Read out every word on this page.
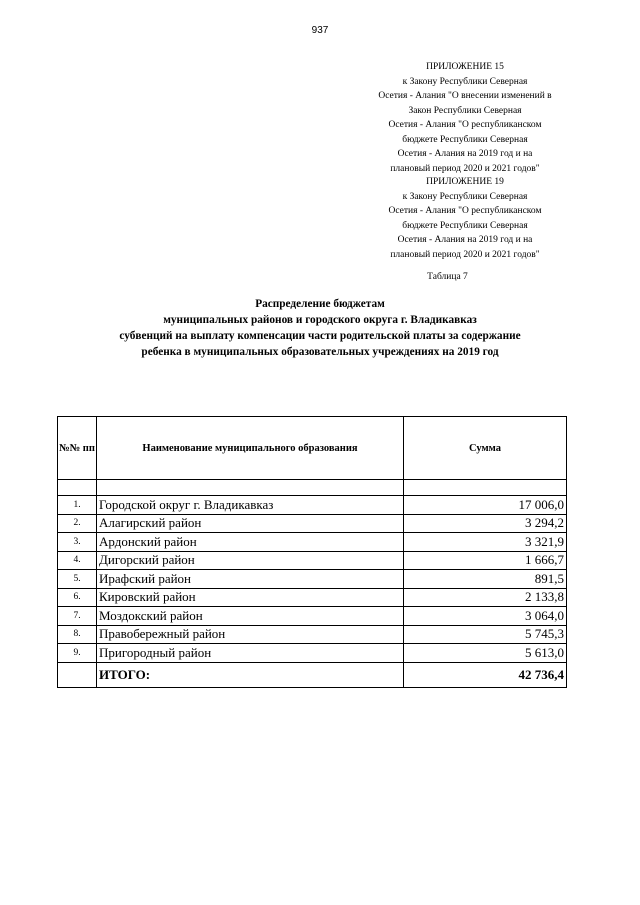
937

ПРИЛОЖЕНИЕ 15

к Закону Республики Северная

Осетия - Алания "О внесении изменений в

Закон Республики Северная

Осетия - Алания "О республиканском

бюджете Республики Северная

Осетия - Алания на 2019 год и на

плановый период 2020 и 2021 годов"

ПРИЛОЖЕНИЕ 19

к Закону Республики Северная

Осетия - Алания "О республиканском

бюджете Республики Северная

Осетия - Алания на 2019 год и на

плановый период 2020 и 2021 годов"

Таблица 7

Распределение бюджетам

муниципальных районов и городского округа г. Владикавказ

субвенций на выплату компенсации части родительской платы за содержание

ребенка в муниципальных образовательных учреждениях на 2019 год

№№ пп	Наименование муниципального образования	Сумма

1.	Городской округ г. Владикавказ	17 006,0
2.	Алагирский район	3 294,2
3.	Ардонский район	3 321,9
4.	Дигорский район	1 666,7
5.	Ирафский район	891,5
6.	Кировский район	2 133,8
7.	Моздокский район	3 064,0
8.	Правобережный район	5 745,3
9.	Пригородный район	5 613,0
	ИТОГО:	42 736,4
